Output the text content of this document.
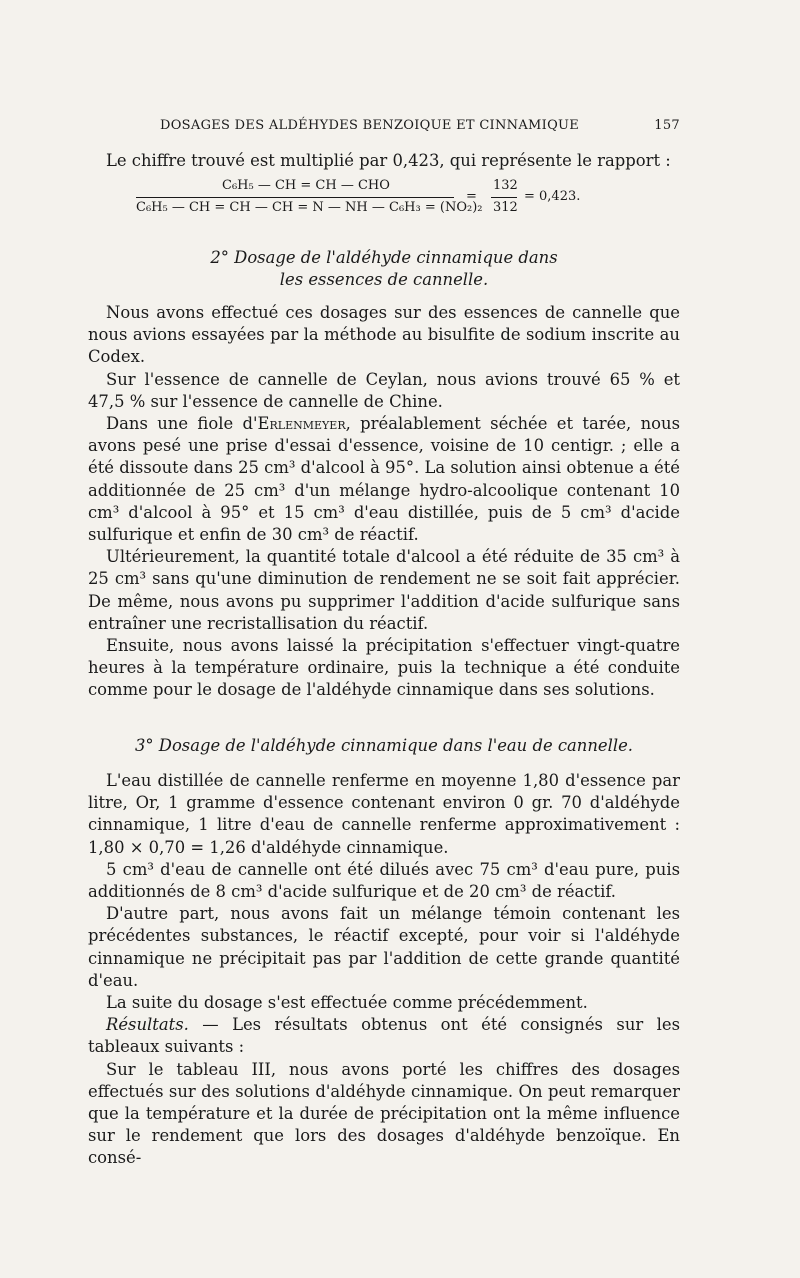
DOSAGES DES ALDÉHYDES BENZOIQUE ET CINNAMIQUE	157
Le chiffre trouvé est multiplié par 0,423, qui représente le rapport :
C₆H₅ — CH = CH — CHO
C₆H₅ — CH = CH — CH = N — NH — C₆H₃ = (NO₂)₂
=
132
312
= 0,423.
2° Dosage de l'aldéhyde cinnamique dans
les essences de cannelle.

Nous avons effectué ces dosages sur des essences de cannelle que nous avions essayées par la méthode au bisulfite de sodium inscrite au Codex.

Sur l'essence de cannelle de Ceylan, nous avions trouvé 65 % et 47,5 % sur l'essence de cannelle de Chine.

Dans une fiole d'Erlenmeyer, préalablement séchée et tarée, nous avons pesé une prise d'essai d'essence, voisine de 10 centigr. ; elle a été dissoute dans 25 cm³ d'alcool à 95°. La solution ainsi obtenue a été additionnée de 25 cm³ d'un mélange hydro-alcoolique contenant 10 cm³ d'alcool à 95° et 15 cm³ d'eau distillée, puis de 5 cm³ d'acide sulfurique et enfin de 30 cm³ de réactif.

Ultérieurement, la quantité totale d'alcool a été réduite de 35 cm³ à 25 cm³ sans qu'une diminution de rendement ne se soit fait apprécier. De même, nous avons pu supprimer l'addition d'acide sulfurique sans entraîner une recristallisation du réactif.

Ensuite, nous avons laissé la précipitation s'effectuer vingt-quatre heures à la température ordinaire, puis la technique a été conduite comme pour le dosage de l'aldéhyde cinnamique dans ses solutions.

3° Dosage de l'aldéhyde cinnamique dans l'eau de cannelle.

L'eau distillée de cannelle renferme en moyenne 1,80 d'essence par litre, Or, 1 gramme d'essence contenant environ 0 gr. 70 d'aldéhyde cinnamique, 1 litre d'eau de cannelle renferme approximativement : 1,80 × 0,70 = 1,26 d'aldéhyde cinnamique.

5 cm³ d'eau de cannelle ont été dilués avec 75 cm³ d'eau pure, puis additionnés de 8 cm³ d'acide sulfurique et de 20 cm³ de réactif.

D'autre part, nous avons fait un mélange témoin contenant les précédentes substances, le réactif excepté, pour voir si l'aldéhyde cinnamique ne précipitait pas par l'addition de cette grande quantité d'eau.

La suite du dosage s'est effectuée comme précédemment.

Résultats. — Les résultats obtenus ont été consignés sur les tableaux suivants :

Sur le tableau III, nous avons porté les chiffres des dosages effectués sur des solutions d'aldéhyde cinnamique. On peut remarquer que la température et la durée de précipitation ont la même influence sur le rendement que lors des dosages d'aldéhyde benzoïque. En consé-
